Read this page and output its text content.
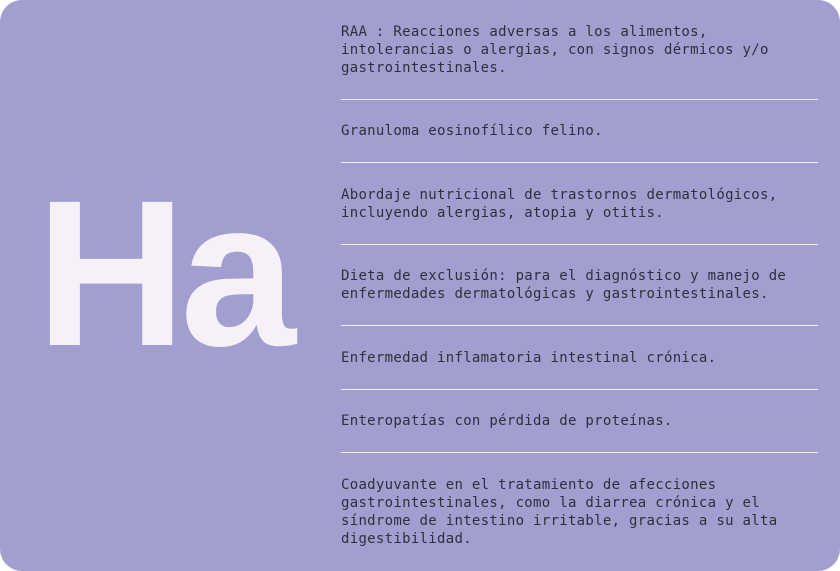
Ha
RAA : Reacciones adversas a los alimentos, intolerancias o alergias, con signos dérmicos y/o gastrointestinales.
Granuloma eosinofílico felino.
Abordaje nutricional de trastornos dermatológicos, incluyendo alergias, atopia y otitis.
Dieta de exclusión: para el diagnóstico y manejo de enfermedades dermatológicas y gastrointestinales.
Enfermedad inflamatoria intestinal crónica.
Enteropatías con pérdida de proteínas.
Coadyuvante en el tratamiento de afecciones gastrointestinales, como la diarrea crónica y el síndrome de intestino irritable, gracias a su alta digestibilidad.
